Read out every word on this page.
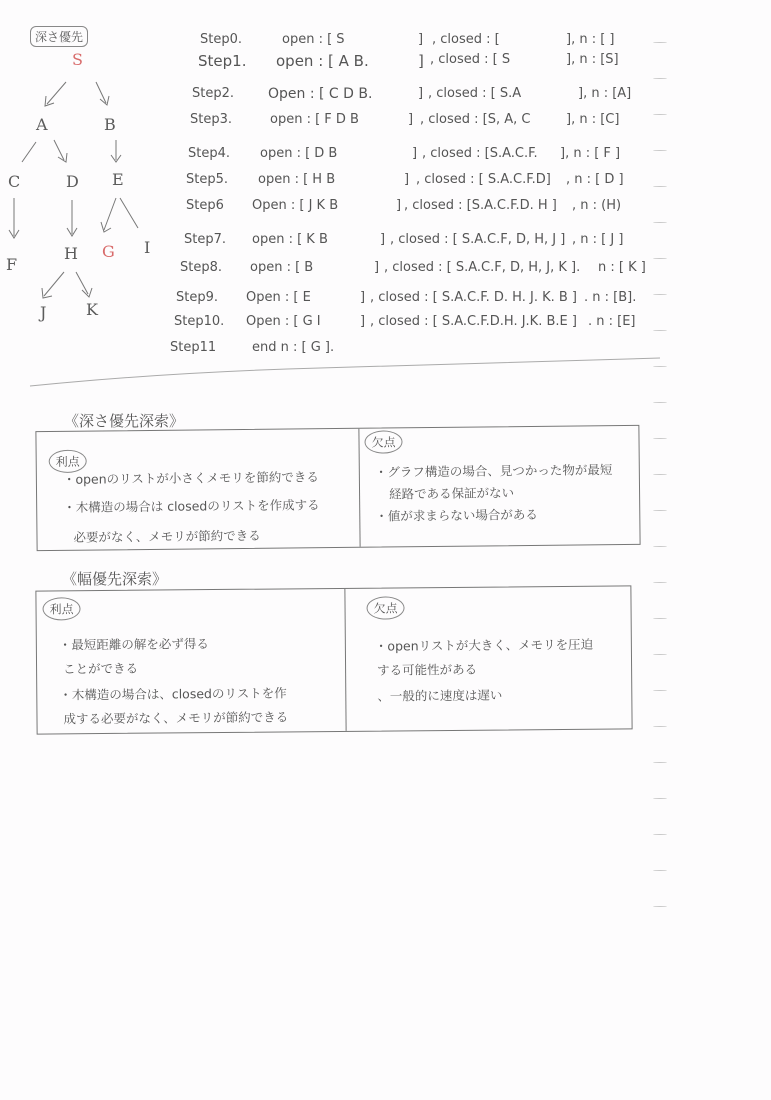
深さ優先
S
A	B
C	D E
F
H G I
J K
Step0.	open : [ S	] , closed : [	], n : [ ]
Step1. open : [ A B.	] , closed : [ S	], n : [S]
Step2. Open : [ C D B.	] , closed : [ S.A	], n : [A]
Step3.	open : [ F D B	] , closed : [S, A, C	], n : [C]
Step4. open : [ D B	] , closed : [S.A.C.F. ], n : [ F ]
Step5. open : [ H B	] , closed : [ S.A.C.F.D] , n : [ D ]
Step6 Open : [ J K B	] , closed : [S.A.C.F.D. H ] , n : (H)
Step7. open : [ K B	] , closed : [ S.A.C.F, D, H, J ] , n : [ J ]
Step8. open : [ B	] , closed : [ S.A.C.F, D, H, J, K ]. n : [ K ]
Step9. Open : [ E	] , closed : [ S.A.C.F. D. H. J. K. B ] . n : [B].
Step10. Open : [ G I	] , closed : [ S.A.C.F.D.H. J.K. B.E ] . n : [E]
Step11	end n : [ G ].
《深さ優先深索》
利点
・openのリストが小さくメモリを節約できる
・木構造の場合は closedのリストを作成する
必要がなく、メモリが節約できる
欠点
・グラフ構造の場合、見つかった物が最短
経路である保証がない
・値が求まらない場合がある
《幅優先深索》
利点
・最短距離の解を必ず得る
ことができる
・木構造の場合は、closedのリストを作
成する必要がなく、メモリが節約できる
欠点
・openリストが大きく、メモリを圧迫
する可能性がある
、一般的に速度は遅い
